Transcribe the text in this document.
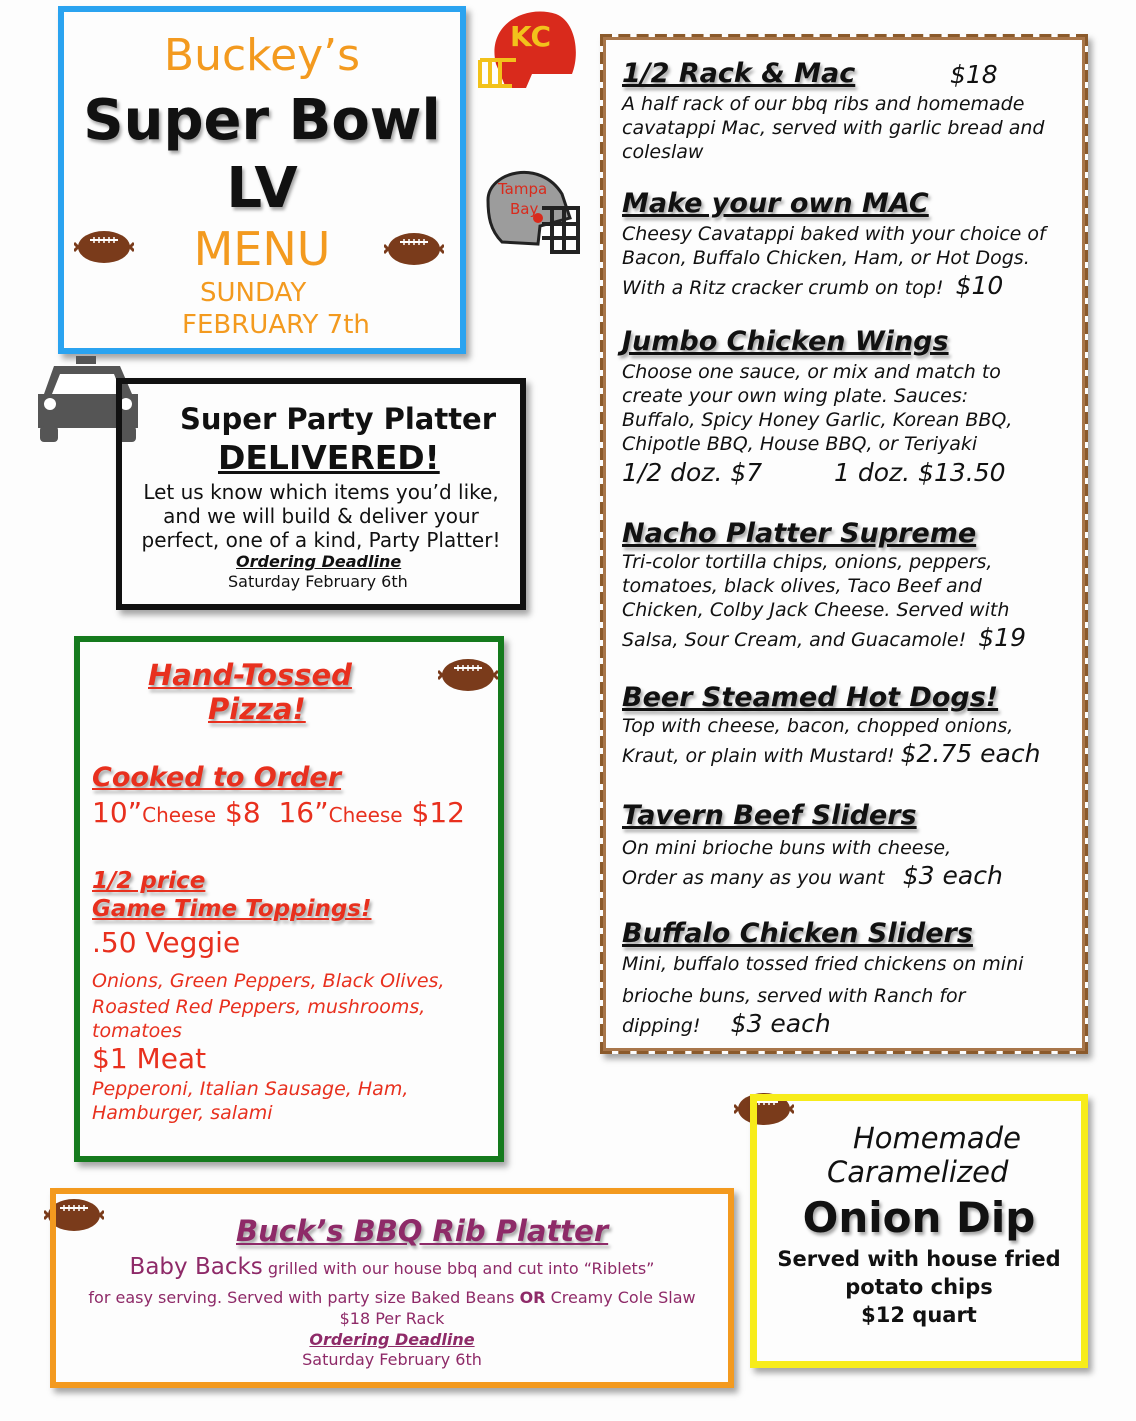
Buckey’s
Super Bowl
LV
MENU
SUNDAY
FEBRUARY 7th
KC
Tampa
Bay
Super Party Platter
DELIVERED!
Let us know which items you’d like,
and we will build & deliver your
perfect, one of a kind, Party Platter!
Ordering Deadline
Saturday February 6th
Hand-Tossed
Pizza!
Cooked to Order
10”Cheese $8 16”Cheese $12
1/2 price
Game Time Toppings!
.50 Veggie
Onions, Green Peppers, Black Olives,
Roasted Red Peppers, mushrooms,
tomatoes
$1 Meat
Pepperoni, Italian Sausage, Ham,
Hamburger, salami
Buck’s BBQ Rib Platter
Baby Backs grilled with our house bbq and cut into “Riblets”
for easy serving. Served with party size Baked Beans OR Creamy Cole Slaw
$18 Per Rack
Ordering Deadline
Saturday February 6th
1/2 Rack & Mac	$18
A half rack of our bbq ribs and homemade
cavatappi Mac, served with garlic bread and
coleslaw
Make your own MAC
Cheesy Cavatappi baked with your choice of
Bacon, Buffalo Chicken, Ham, or Hot Dogs.
With a Ritz cracker crumb on top! $10
Jumbo Chicken Wings
Choose one sauce, or mix and match to
create your own wing plate. Sauces:
Buffalo, Spicy Honey Garlic, Korean BBQ,
Chipotle BBQ, House BBQ, or Teriyaki
1/2 doz. $7	1 doz. $13.50
Nacho Platter Supreme
Tri-color tortilla chips, onions, peppers,
tomatoes, black olives, Taco Beef and
Chicken, Colby Jack Cheese. Served with
Salsa, Sour Cream, and Guacamole! $19
Beer Steamed Hot Dogs!
Top with cheese, bacon, chopped onions,
Kraut, or plain with Mustard! $2.75 each
Tavern Beef Sliders
On mini brioche buns with cheese,
Order as many as you want $3 each
Buffalo Chicken Sliders
Mini, buffalo tossed fried chickens on mini
brioche buns, served with Ranch for
dipping! $3 each
Homemade
Caramelized
Onion Dip
Served with house fried
potato chips
$12 quart
